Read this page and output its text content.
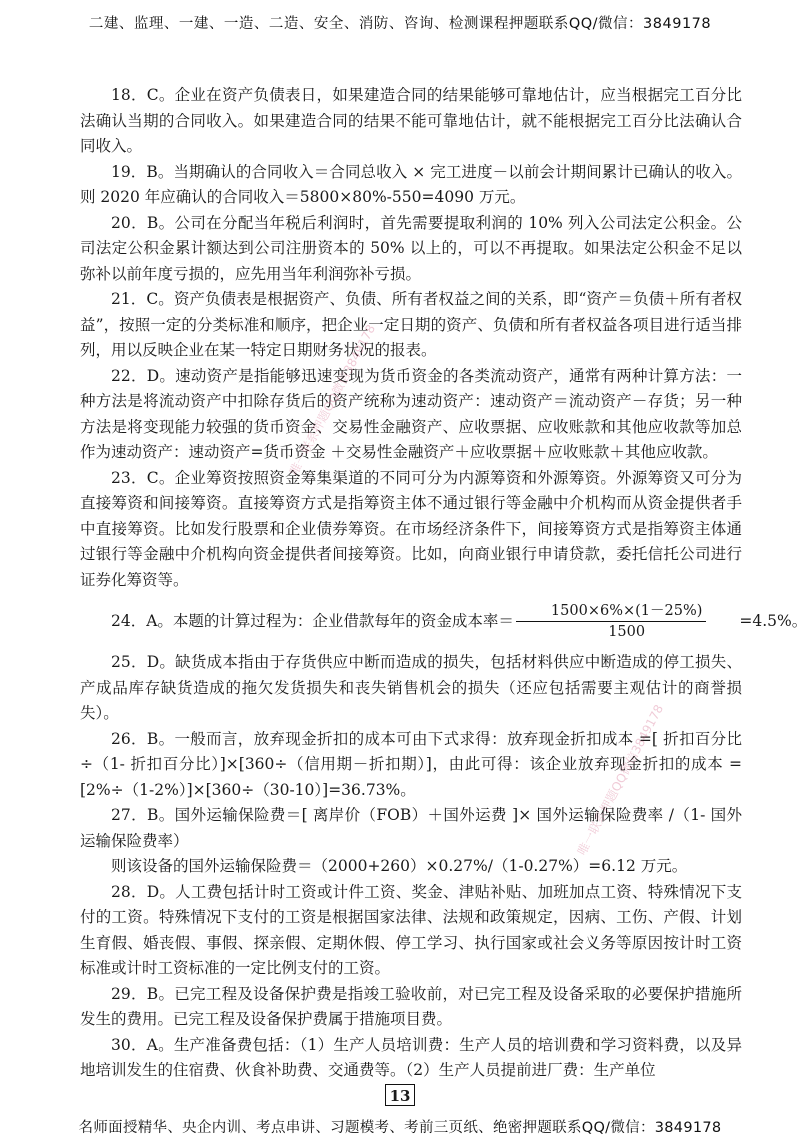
二建、监理、一建、一造、二造、安全、消防、咨询、检测课程押题联系QQ/微信：3849178

18．C。企业在资产负债表日，如果建造合同的结果能够可靠地估计，应当根据完工百分比法确认当期的合同收入。如果建造合同的结果不能可靠地估计，就不能根据完工百分比法确认合同收入。

19．B。当期确认的合同收入＝合同总收入 × 完工进度－以前会计期间累计已确认的收入。则 2020 年应确认的合同收入＝5800×80%-550=4090 万元。

20．B。公司在分配当年税后利润时，首先需要提取利润的 10% 列入公司法定公积金。公司法定公积金累计额达到公司注册资本的 50% 以上的，可以不再提取。如果法定公积金不足以弥补以前年度亏损的，应先用当年利润弥补亏损。

21．C。资产负债表是根据资产、负债、所有者权益之间的关系，即“资产＝负债＋所有者权益”，按照一定的分类标准和顺序，把企业一定日期的资产、负债和所有者权益各项目进行适当排列，用以反映企业在某一特定日期财务状况的报表。

22．D。速动资产是指能够迅速变现为货币资金的各类流动资产，通常有两种计算方法：一种方法是将流动资产中扣除存货后的资产统称为速动资产：速动资产＝流动资产－存货；另一种方法是将变现能力较强的货币资金、交易性金融资产、应收票据、应收账款和其他应收款等加总作为速动资产：速动资产=货币资金 ＋交易性金融资产＋应收票据＋应收账款＋其他应收款。

23．C。企业筹资按照资金筹集渠道的不同可分为内源筹资和外源筹资。外源筹资又可分为直接筹资和间接筹资。直接筹资方式是指筹资主体不通过银行等金融中介机构而从资金提供者手中直接筹资。比如发行股票和企业债券筹资。在市场经济条件下，间接筹资方式是指筹资主体通过银行等金融中介机构向资金提供者间接筹资。比如，向商业银行申请贷款，委托信托公司进行证券化筹资等。

24．A。本题的计算过程为：企业借款每年的资金成本率＝ $\frac{1500\times 6\%\times(1-25\%)}{1500}$	=4.5%。

25．D。缺货成本指由于存货供应中断而造成的损失，包括材料供应中断造成的停工损失、产成品库存缺货造成的拖欠发货损失和丧失销售机会的损失（还应包括需要主观估计的商誉损失）。

26．B。一般而言，放弃现金折扣的成本可由下式求得：放弃现金折扣成本 =[ 折扣百分比 ÷（1- 折扣百分比）]×[360÷（信用期－折扣期）]，由此可得：该企业放弃现金折扣的成本 =[2%÷（1-2%）]×[360÷（30-10）]=36.73%。

27．B。国外运输保险费＝[ 离岸价（FOB）＋国外运费 ]× 国外运输保险费率 /（1- 国外运输保险费率）

则该设备的国外运输保险费＝（2000+260）×0.27%/（1-0.27%）=6.12 万元。

28．D。人工费包括计时工资或计件工资、奖金、津贴补贴、加班加点工资、特殊情况下支付的工资。特殊情况下支付的工资是根据国家法律、法规和政策规定，因病、工伤、产假、计划生育假、婚丧假、事假、探亲假、定期休假、停工学习、执行国家或社会义务等原因按计时工资标准或计时工资标准的一定比例支付的工资。

29．B。已完工程及设备保护费是指竣工验收前，对已完工程及设备采取的必要保护措施所发生的费用。已完工程及设备保护费属于措施项目费。

30．A。生产准备费包括：（1）生产人员培训费：生产人员的培训费和学习资料费，以及异地培训发生的住宿费、伙食补助费、交通费等。（2）生产人员提前进厂费：生产单位

唯一联系押题QQ微信3849178
唯一联系押题QQ微信3849178
13
名师面授精华、央企内训、考点串讲、习题模考、考前三页纸、绝密押题联系QQ/微信：3849178
